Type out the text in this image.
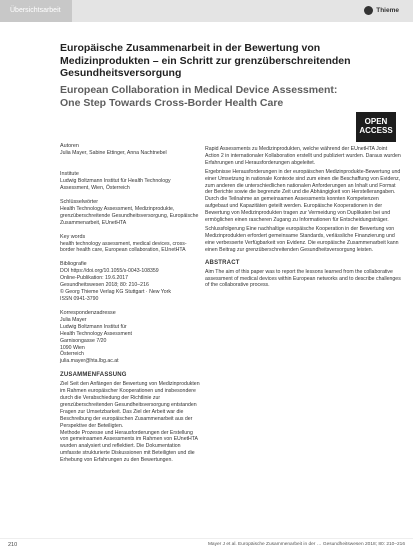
Übersichtsarbeit	Thieme
Europäische Zusammenarbeit in der Bewertung von Medizinprodukten – ein Schritt zur grenzüberschreitenden Gesundheitsversorgung
European Collaboration in Medical Device Assessment: One Step Towards Cross-Border Health Care
OPEN ACCESS
Autoren
Julia Mayer, Sabine Ettinger, Anna Nachtnebel
Institute
Ludwig Boltzmann Institut für Health Technology Assessment, Wien, Österreich
Schlüsselwörter
Health Technology Assessment, Medizinprodukte, grenzüberschreitende Gesundheitsversorgung, Europäische Zusammenarbeit, EUnetHTA
Key words
health technology assessment, medical devices, cross-border health care, European collaboration, EUnetHTA
Bibliografie
DOI https://doi.org/10.1055/s-0043-108359
Online-Publikation: 19.6.2017
Gesundheitswesen 2018; 80: 210–216
© Georg Thieme Verlag KG Stuttgart · New York
ISSN 0941-3790
Korrespondenzadresse
Julia Mayer
Ludwig Boltzmann Institut für
Health Technology Assessment
Garnisongasse 7/20
1090 Wien
Österreich
julia.mayer@hta.lbg.ac.at
ZUSAMMENFASSUNG
Ziel Seit den Anfängen der Bewertung von Medizinprodukten im Rahmen europäischer Kooperationen und insbesondere durch die Verabschiedung der Richtlinie zur grenzüberschreitenden Gesundheitsversorgung entstanden Fragen zur Umsetzbarkeit. Das Ziel der Arbeit war die Beschreibung der europäischen Zusammenarbeit aus der Perspektive der Beteiligten.
Methode Prozesse und Herausforderungen der Erstellung von gemeinsamen Assessments im Rahmen von EUnetHTA wurden analysiert und reflektiert. Die Dokumentation umfasste strukturierte Diskussionen mit Beteiligten und die Erhebung von Erfahrungen zu den Bewertungen.

Rapid Assessments zu Medizinprodukten, welche während der EUnetHTA Joint Action 2 in internationaler Kollaboration erstellt und publiziert wurden. Daraus wurden Erfahrungen und Herausforderungen abgeleitet.

Ergebnisse Herausforderungen in der europäischen Medizinprodukte-Bewertung und einer Umsetzung in nationale Kontexte sind zum einen die Beschaffung von Evidenz, zum anderen die unterschiedlichen nationalen Anforderungen an Inhalt und Format der Berichte sowie die begrenzte Zeit und die Abhängigkeit von Herstellerangaben. Durch die Teilnahme an gemeinsamen Assessments konnten Kompetenzen aufgebaut und Kapazitäten geteilt werden. Europäische Kooperationen in der Bewertung von Medizinprodukten tragen zur Vermeidung von Duplikaten bei und ermöglichen einen rascheren Zugang zu Informationen für Entscheidungsträger.

Schlussfolgerung Eine nachhaltige europäische Kooperation in der Bewertung von Medizinprodukten erfordert gemeinsame Standards, verlässliche Finanzierung und eine verbesserte Verfügbarkeit von Evidenz. Die europäische Zusammenarbeit kann einen Beitrag zur grenzüberschreitenden Gesundheitsversorgung leisten.

ABSTRACT

Aim The aim of this paper was to report the lessons learned from the collaborative assessment of medical devices within European networks and to describe challenges of the collaborative process.

210	Mayer J et al. Europäische Zusammenarbeit in der … Gesundheitswesen 2018; 80: 210–216
